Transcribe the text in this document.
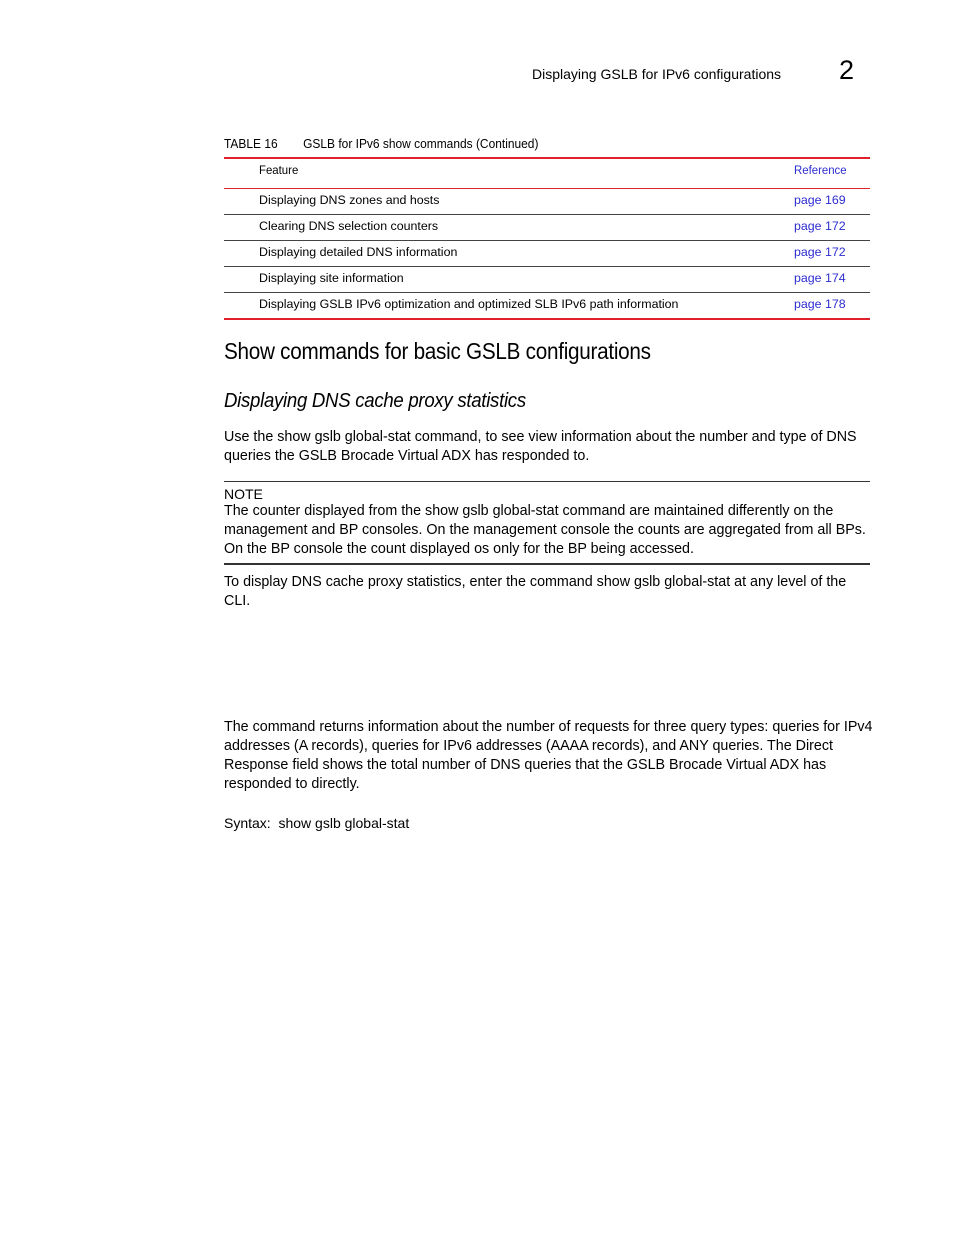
Displaying GSLB for IPv6 configurations 2
TABLE 16 GSLB for IPv6 show commands (Continued)
Feature	Reference
Displaying DNS zones and hosts	page 169
Clearing DNS selection counters	page 172
Displaying detailed DNS information	page 172
Displaying site information	page 174
Displaying GSLB IPv6 optimization and optimized SLB IPv6 path information	page 178
Show commands for basic GSLB configurations
Displaying DNS cache proxy statistics
Use the show gslb global-stat command, to see view information about the number and type of DNS queries the GSLB Brocade Virtual ADX has responded to.
NOTE
The counter displayed from the show gslb global-stat command are maintained differently on the management and BP consoles. On the management console the counts are aggregated from all BPs. On the BP console the count displayed os only for the BP being accessed.
To display DNS cache proxy statistics, enter the command show gslb global-stat at any level of the CLI.
The command returns information about the number of requests for three query types: queries for IPv4 addresses (A records), queries for IPv6 addresses (AAAA records), and ANY queries. The Direct Response field shows the total number of DNS queries that the GSLB Brocade Virtual ADX has responded to directly.
Syntax: show gslb global-stat
